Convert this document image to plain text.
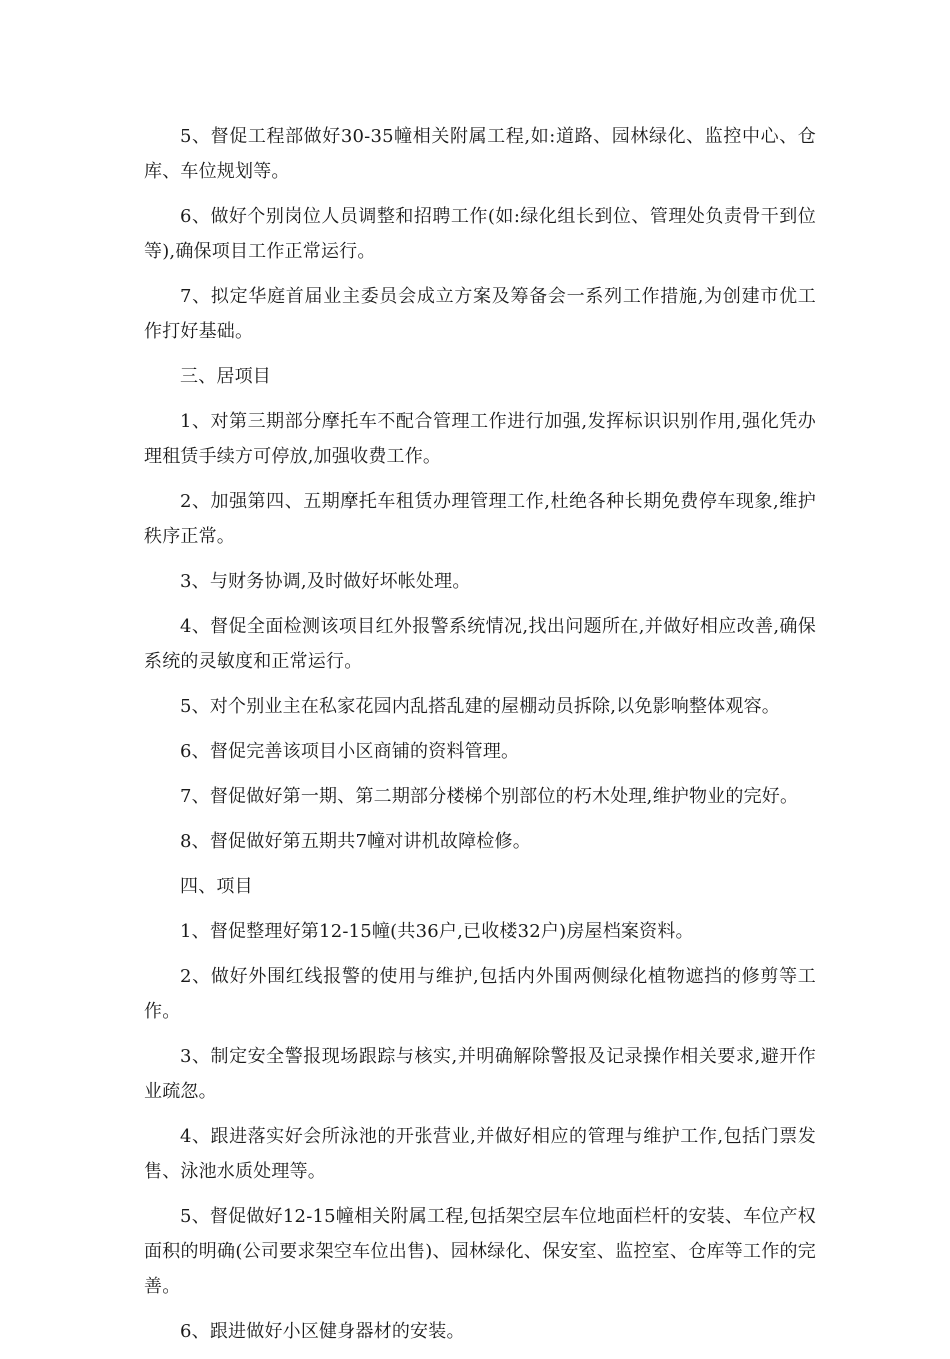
5、督促工程部做好30-35幢相关附属工程,如:道路、园林绿化、监控中心、仓库、车位规划等。

6、做好个别岗位人员调整和招聘工作(如:绿化组长到位、管理处负责骨干到位等),确保项目工作正常运行。

7、拟定华庭首届业主委员会成立方案及筹备会一系列工作措施,为创建市优工作打好基础。

三、居项目

1、对第三期部分摩托车不配合管理工作进行加强,发挥标识识别作用,强化凭办理租赁手续方可停放,加强收费工作。

2、加强第四、五期摩托车租赁办理管理工作,杜绝各种长期免费停车现象,维护秩序正常。

3、与财务协调,及时做好坏帐处理。

4、督促全面检测该项目红外报警系统情况,找出问题所在,并做好相应改善,确保系统的灵敏度和正常运行。

5、对个别业主在私家花园内乱搭乱建的屋棚动员拆除,以免影响整体观容。

6、督促完善该项目小区商铺的资料管理。

7、督促做好第一期、第二期部分楼梯个别部位的朽木处理,维护物业的完好。

8、督促做好第五期共7幢对讲机故障检修。

四、项目

1、督促整理好第12-15幢(共36户,已收楼32户)房屋档案资料。

2、做好外围红线报警的使用与维护,包括内外围两侧绿化植物遮挡的修剪等工作。

3、制定安全警报现场跟踪与核实,并明确解除警报及记录操作相关要求,避开作业疏忽。

4、跟进落实好会所泳池的开张营业,并做好相应的管理与维护工作,包括门票发售、泳池水质处理等。

5、督促做好12-15幢相关附属工程,包括架空层车位地面栏杆的安装、车位产权面积的明确(公司要求架空车位出售)、园林绿化、保安室、监控室、仓库等工作的完善。

6、跟进做好小区健身器材的安装。
